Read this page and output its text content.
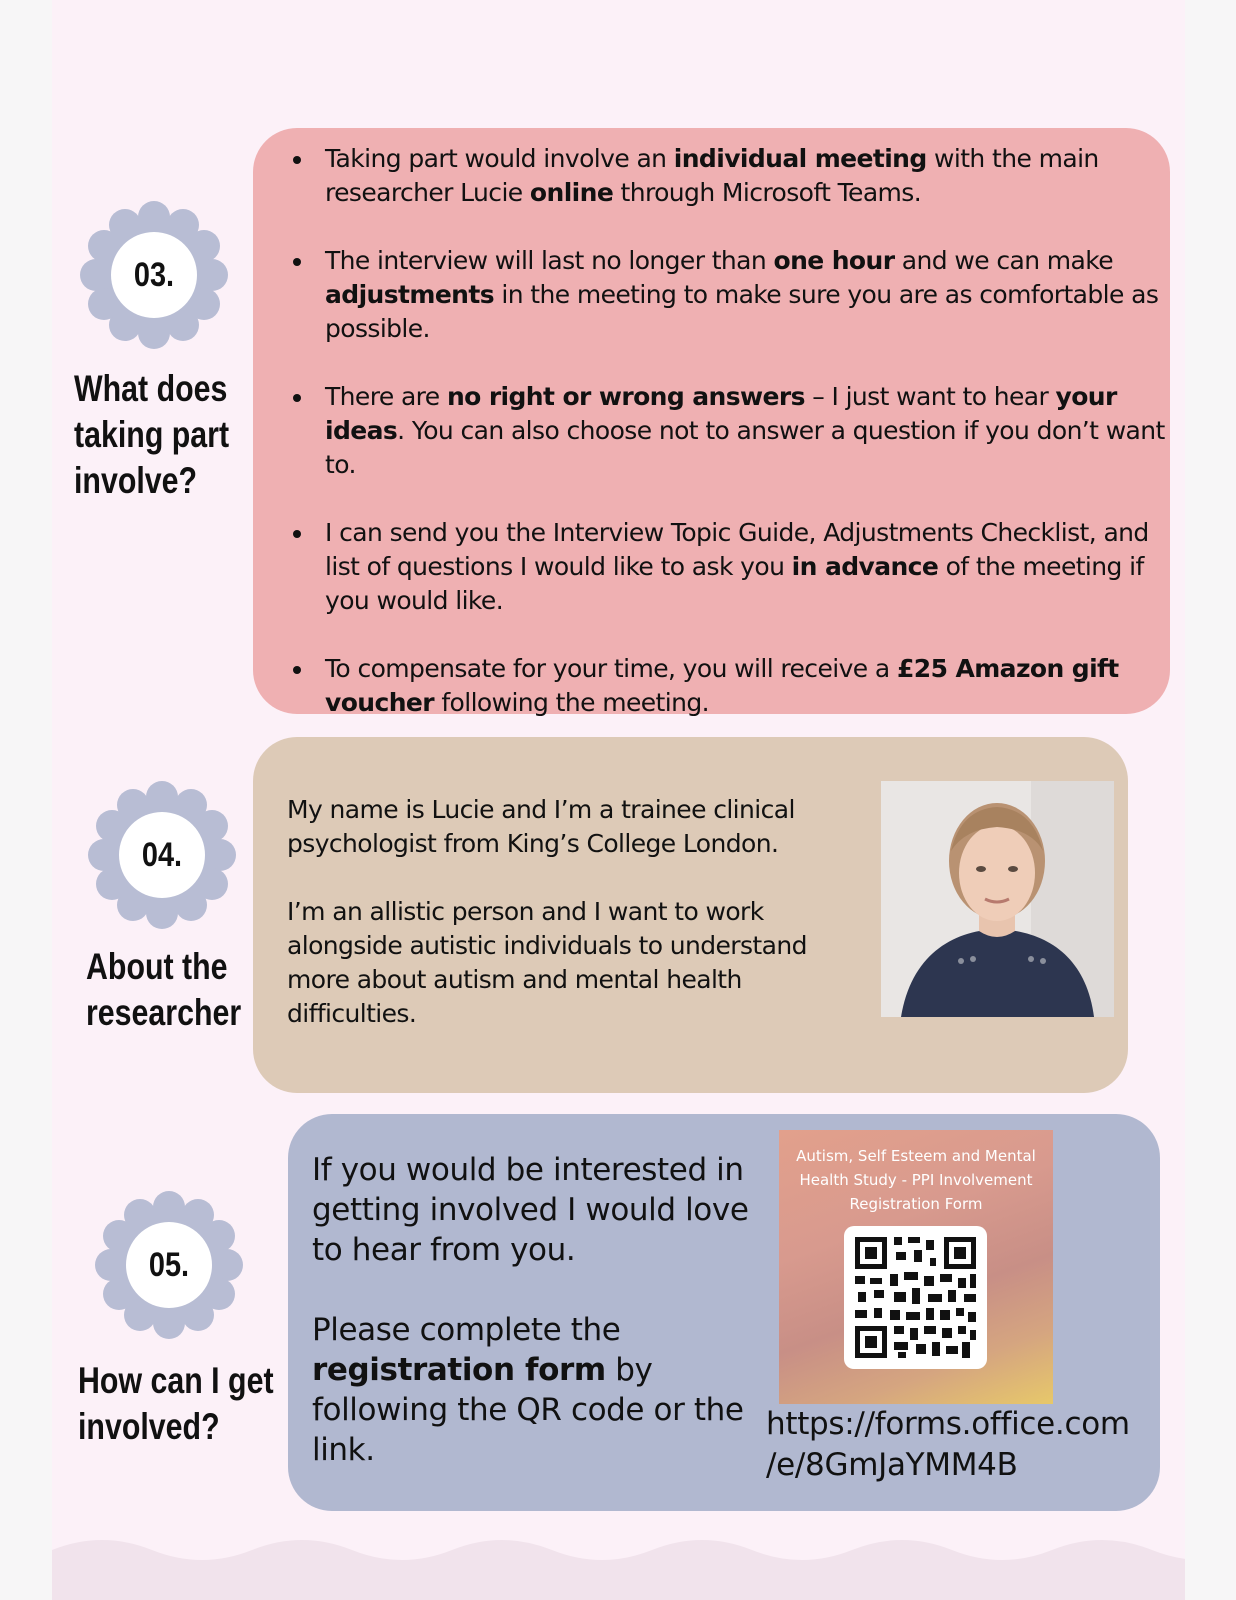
03.
What does
taking part
involve?
Taking part would involve an individual meeting with the main researcher Lucie online through Microsoft Teams.
The interview will last no longer than one hour and we can make adjustments in the meeting to make sure you are as comfortable as possible.
There are no right or wrong answers – I just want to hear your ideas. You can also choose not to answer a question if you don’t want to.
I can send you the Interview Topic Guide, Adjustments Checklist, and list of questions I would like to ask you in advance of the meeting if you would like.
To compensate for your time, you will receive a £25 Amazon gift voucher following the meeting.
04.
About the
researcher

My name is Lucie and I’m a trainee clinical psychologist from King’s College London.

I’m an allistic person and I want to work alongside autistic individuals to understand more about autism and mental health difficulties.

05.
How can I get
involved?

If you would be interested in getting involved I would love to hear from you.

Please complete the registration form by following the QR code or the link.

Autism, Self Esteem and Mental Health Study - PPI Involvement Registration Form
https://forms.office.com
/e/8GmJaYMM4B
